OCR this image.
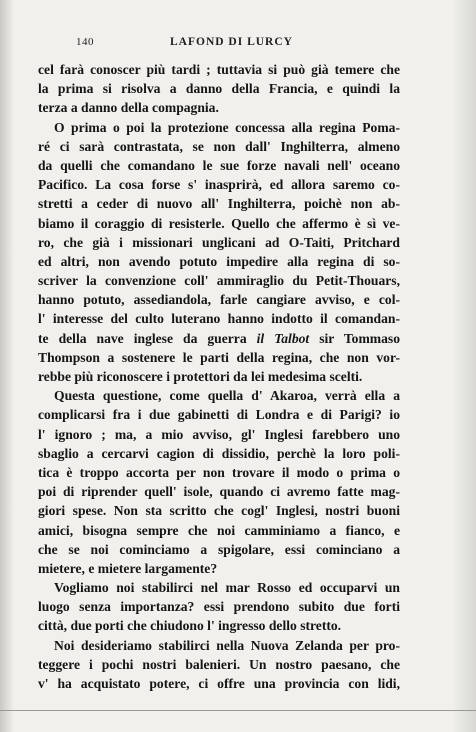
140	LAFOND DI LURCY
cel farà conoscer più tardi ; tuttavia si può già temere che
la prima si risolva a danno della Francia, e quindi la
terza a danno della compagnia.
O prima o poi la protezione concessa alla regina Poma-
ré ci sarà contrastata, se non dall' Inghilterra, almeno
da quelli che comandano le sue forze navali nell' oceano
Pacifico. La cosa forse s' inasprirà, ed allora saremo co-
stretti a ceder di nuovo all' Inghilterra, poichè non ab-
biamo il coraggio di resisterle. Quello che affermo è sì ve-
ro, che già i missionari unglicani ad O-Taiti, Pritchard
ed altri, non avendo potuto impedire alla regina di so-
scriver la convenzione coll' ammiraglio du Petit-Thouars,
hanno potuto, assediandola, farle cangiare avviso, e col-
l' interesse del culto luterano hanno indotto il comandan-
te della nave inglese da guerra il Talbot sir Tommaso
Thompson a sostenere le parti della regina, che non vor-
rebbe più riconoscere i protettori da lei medesima scelti.
Questa questione, come quella d' Akaroa, verrà ella a
complicarsi fra i due gabinetti di Londra e di Parigi? io
l' ignoro ; ma, a mio avviso, gl' Inglesi farebbero uno
sbaglio a cercarvi cagion di dissidio, perchè la loro poli-
tica è troppo accorta per non trovare il modo o prima o
poi di riprender quell' isole, quando ci avremo fatte mag-
giori spese. Non sta scritto che cogl' Inglesi, nostri buoni
amici, bisogna sempre che noi camminiamo a fianco, e
che se noi cominciamo a spigolare, essi cominciano a
mietere, e mietere largamente?
Vogliamo noi stabilirci nel mar Rosso ed occuparvi un
luogo senza importanza? essi prendono subito due forti
città, due porti che chiudono l' ingresso dello stretto.
Noi desideriamo stabilirci nella Nuova Zelanda per pro-
teggere i pochi nostri balenieri. Un nostro paesano, che
v' ha acquistato potere, ci offre una provincia con lidi,
